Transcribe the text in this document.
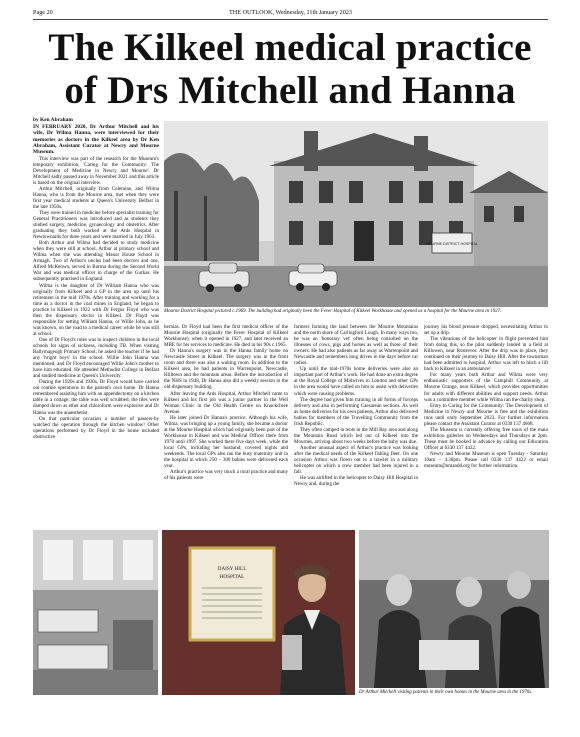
Page 20	THE OUTLOOK, Wednesday, 11th January 2023
The Kilkeel medical practice
of Drs Mitchell and Hanna
by Ken Abraham

IN FEBRUARY 2020, Dr Arthur Mitchell and his wife, Dr Wilma Hanna, were interviewed for their memories as doctors in the Kilkeel area by Dr Ken Abraham, Assistant Curator at Newry and Mourne Museum.

This interview was part of the research for the Museum's temporary exhibition, 'Caring for the Community: The Development of Medicine in Newry and Mourne'. Dr Mitchell sadly passed away in November 2021 and this article is based on the original interview.

Arthur Mitchell, originally from Coleraine, and Wilma Hanna, who is from the Mourne area, met when they were first year medical students at Queen's University Belfast in the late 1950s.

They were trained in medicine before specialist training for General Practitioners was introduced and as students they studied surgery, medicine, gynaecology and obstetrics. After graduating they both worked at the Ards Hospital in Newtownards for three years and were married in July 1963.

Both Arthur and Wilma had decided to study medicine when they were still at school. Arthur at primary school and Wilma when she was attending Manor House School in Armagh. Two of Arthur's uncles had been doctors and one, Alfred McKeown, served in Burma during the Second World War and was medical officer in charge of the Gurkas. He subsequently practised in England.

Wilma is the daughter of Dr William Hanna who was originally from Kilkeel and a GP in the area up until his retirement in the mid 1970s. After training and working for a time as a doctor in the coal mines in England, he began to practice in Kilkeel in 1922 with Dr Fergus Floyd who was then the dispensary doctor in Kilkeel. Dr Floyd was responsible for setting William Hanna, or Willie John, as he was known, on the road to a medical career while he was still at school.

One of Dr Floyd's roles was to inspect children in the local schools for signs of sickness, including TB. When visiting Ballymageogh Primary School, he asked the teacher if he had any 'bright boys' in the school. Willie John Hanna was mentioned, and Dr Floyd encouraged Willie John's mother to have him educated. He attended Methodist College in Belfast and studied medicine at Queen's University.

During the 1920s and 1930s, Dr Floyd would have carried out routine operations in the patient's own home. Dr Hanna remembered assisting him with an appendectomy on a kitchen table in a cottage; the table was well scrubbed, the tiles were damped down as ether and chloroform were explosive and Dr Hanna was the anaesthetist.

On that particular occasion a number of passers-by watched the operation through the kitchen window! Other operations performed by Dr Floyd in the home included obstructive

MOURNE DISTRICT HOSPITAL
Mourne District Hospital pictured c.1969. The building had originally been the Fever Hospital of Kilkeel Workhouse and opened as a hospital for the Mourne area in 1927.

hernias. Dr Floyd had been the first medical officer of the Mourne Hospital (originally the Fever Hospital of Kilkeel Workhouse), when it opened in 1927, and later received an MBE for his services to medicine. He died in his 90s c.1965.

Dr Hanna's surgery was in the Hanna family home on Newcastle Street in Kilkeel. The surgery was in the front room and there was also a waiting room. In addition to the Kilkeel area, he had patients in Warrenpoint, Newcastle, Hilltown and the mountain areas. Before the introduction of the NHS in 1948, Dr Hanna also did a weekly session in the old dispensary building.

After leaving the Ards Hospital, Arthur Mitchell came to Kilkeel and his first job was a junior partner in the Well Woman Clinic in the Old Health Centre on Knockchree Avenue.

He later joined Dr Hanna's practice. Although his wife, Wilma, was bringing up a young family, she became a doctor at the Mourne Hospital which had originally been part of the Workhouse in Kilkeel and was Medical Officer there from 1970 until 1997. She worked there five days week, while the local GPs, including her husband, covered nights and weekends. The local GPs also ran the busy maternity unit in the hospital in which 250 – 300 babies were delivered each year.

Arthur's practice was very much a rural practice and many of his patients were

farmers farming the land between the Mourne Mountains and the north shore of Carlingford Lough. In many ways too, he was an 'honorary vet' often being consulted on the illnesses of cows, pigs and horses as well as those of their owners. He had also patients as far away as Warrenpoint and Newcastle and remembers long drives in the days before car radios.

Up until the mid-1970s home deliveries were also an important part of Arthur's work. He had done an extra degree at the Royal College of Midwives in London and other GPs in the area would have called on him to assist with deliveries which were causing problems.

The degree had given him training in all forms of forceps delivery and also in performing Caesarean sections. As well as home deliveries for his own patients, Arthur also delivered babies for members of the Travelling Community from the Irish Republic.

They often camped in tents in the Mill Bay area and along the Mountain Road which led out of Kilkeel into the Mournes, arriving about two weeks before the baby was due.

Another unusual aspect of Arthur's practice was looking after the medical needs of the Kilkeel fishing fleet. On one occasion Arthur was flown out to a trawler in a military helicopter on which a crew member had been injured in a fall.

He was airlifted in the helicopter to Daisy Hill Hospital in Newry and, during the

journey his blood pressure dropped, necessitating Arthur to set up a drip.

The vibrations of the helicopter in flight prevented him from doing this, so the pilot suddenly landed in a field at Killowen, near Rostrevor. After the drip was in place, they continued on their journey to Daisy Hill. After the townsman had been admitted to hospital, Arthur was left to hitch a lift back to Kilkeel in an ambulance!

For many years both Arthur and Wilma were very enthusiastic supporters of the Camphill Community at Mourne Grange, near Kilkeel, which provides opportunities for adults with different abilities and support needs. Arthur was a committee member while Wilma ran the charity shop.

Entry to Caring for the Community: The Development of Medicine in Newry and Mourne is free and the exhibition runs until early September 2023. For further information please contact the Assistant Curator at 0330 137 4608.

The Museum is currently offering free tours of the main exhibition galleries on Wednesdays and Thursdays at 2pm. These must be booked in advance by calling our Education Officer at 0330 137 4422.

Newry and Mourne Museum is open Tuesday - Saturday 10am – 4.30pm. Please call 0330 137 4422 or email museum@nmandd.org for further information.

DAISY HILL
HOSPITAL
Dr Arthur Mitchell visiting patients in their own homes in the Mourne area in the 1970s.
